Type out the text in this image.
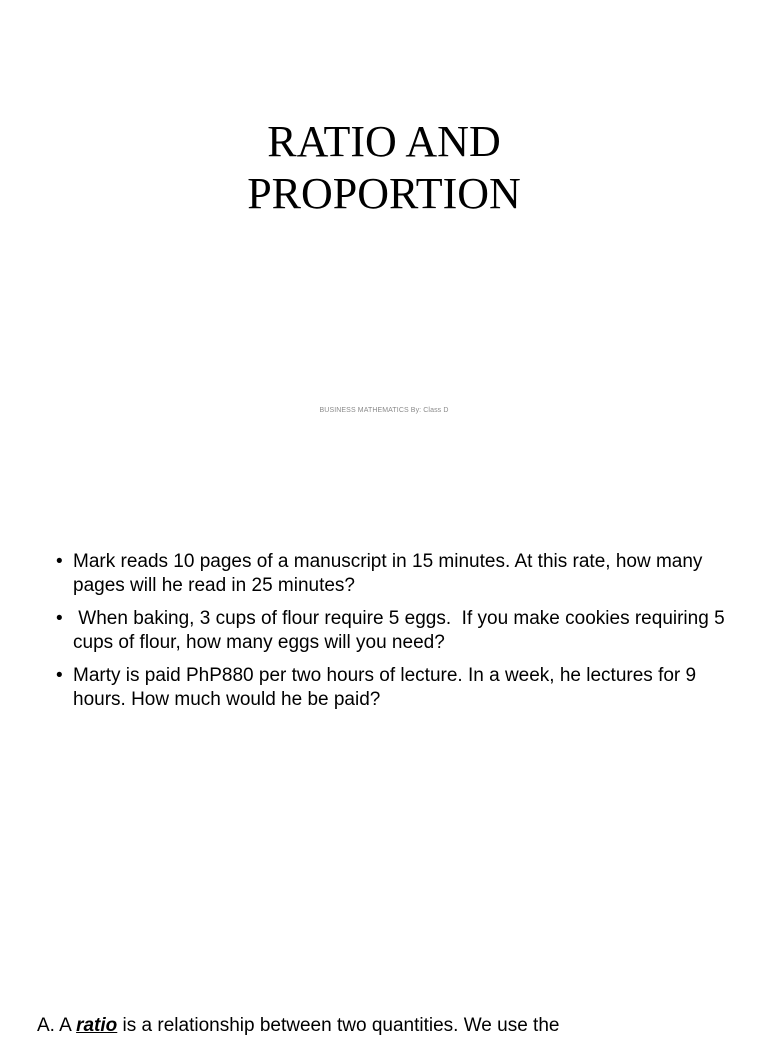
RATIO AND
PROPORTION
BUSINESS MATHEMATICS By: Class D
• Mark reads 10 pages of a manuscript in 15 minutes. At this rate, how many pages will he read in 25 minutes?
• When baking, 3 cups of flour require 5 eggs.  If you make cookies requiring 5 cups of flour, how many eggs will you need?
• Marty is paid PhP880 per two hours of lecture. In a week, he lectures for 9 hours. How much would he be paid?
A. A ratio is a relationship between two quantities. We use the
